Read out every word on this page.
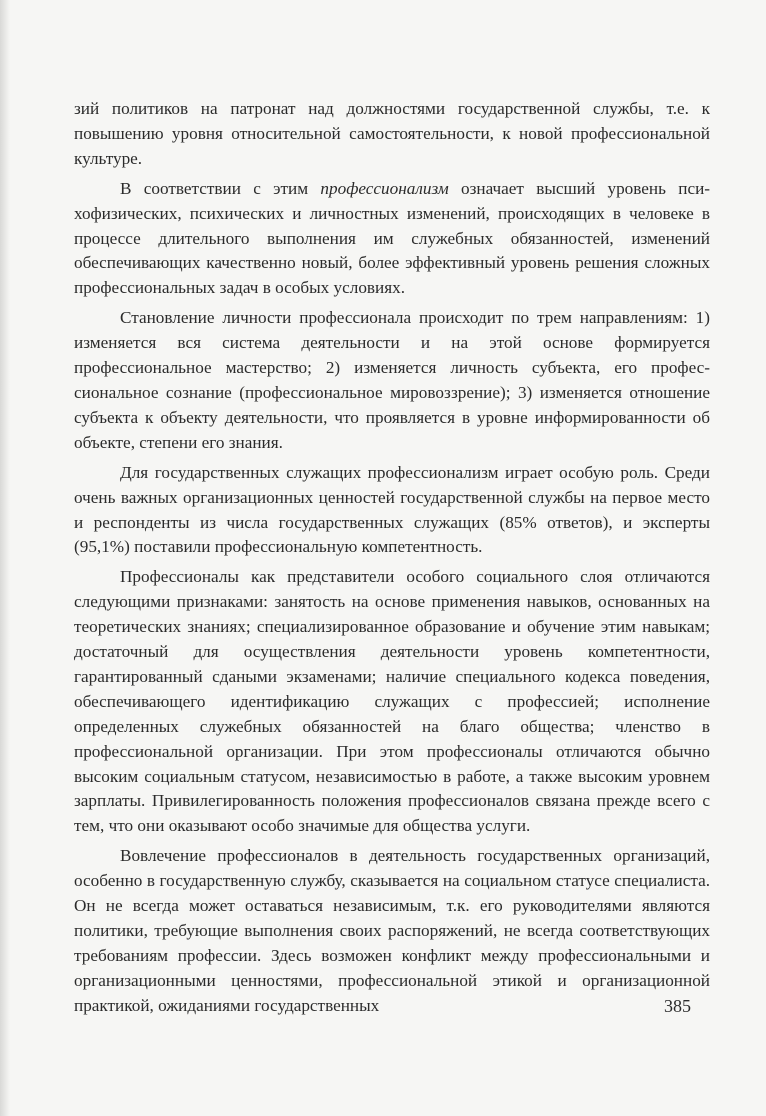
зий политиков на патронат над должностями государственной службы, т.е. к повышению уровня относительной самостоятельности, к новой профессиональной культуре.

В соответствии с этим профессионализм означает высший уровень психофизических, психических и личностных изменений, происходящих в человеке в процессе длительного выполнения им служебных обязанностей, изменений обеспечивающих качественно новый, более эффективный уровень решения сложных профессиональных задач в особых условиях.

Становление личности профессионала происходит по трем направлениям: 1) изменяется вся система деятельности и на этой основе формируется профессиональное мастерство; 2) изменяется личность субъекта, его профессиональное сознание (профессиональное мировоззрение); 3) изменяется отношение субъекта к объекту деятельности, что проявляется в уровне информированности об объекте, степени его знания.

Для государственных служащих профессионализм играет особую роль. Среди очень важных организационных ценностей государственной службы на первое место и респонденты из числа государственных служащих (85% ответов), и эксперты (95,1%) поставили профессиональную компетентность.

Профессионалы как представители особого социального слоя отличаются следующими признаками: занятость на основе применения навыков, основанных на теоретических знаниях; специализированное образование и обучение этим навыкам; достаточный для осуществления деятельности уровень компетентности, гарантированный сдаными экзаменами; наличие специального кодекса поведения, обеспечивающего идентификацию служащих с профессией; исполнение определенных служебных обязанностей на благо общества; членство в профессиональной организации. При этом профессионалы отличаются обычно высоким социальным статусом, независимостью в работе, а также высоким уровнем зарплаты. Привилегированность положения профессионалов связана прежде всего с тем, что они оказывают особо значимые для общества услуги.

Вовлечение профессионалов в деятельность государственных организаций, особенно в государственную службу, сказывается на социальном статусе специалиста. Он не всегда может оставаться независимым, т.к. его руководителями являются политики, требующие выполнения своих распоряжений, не всегда соответствующих требованиям профессии. Здесь возможен конфликт между профессиональными и организационными ценностями, профессиональной этикой и организационной практикой, ожиданиями государственных	385
